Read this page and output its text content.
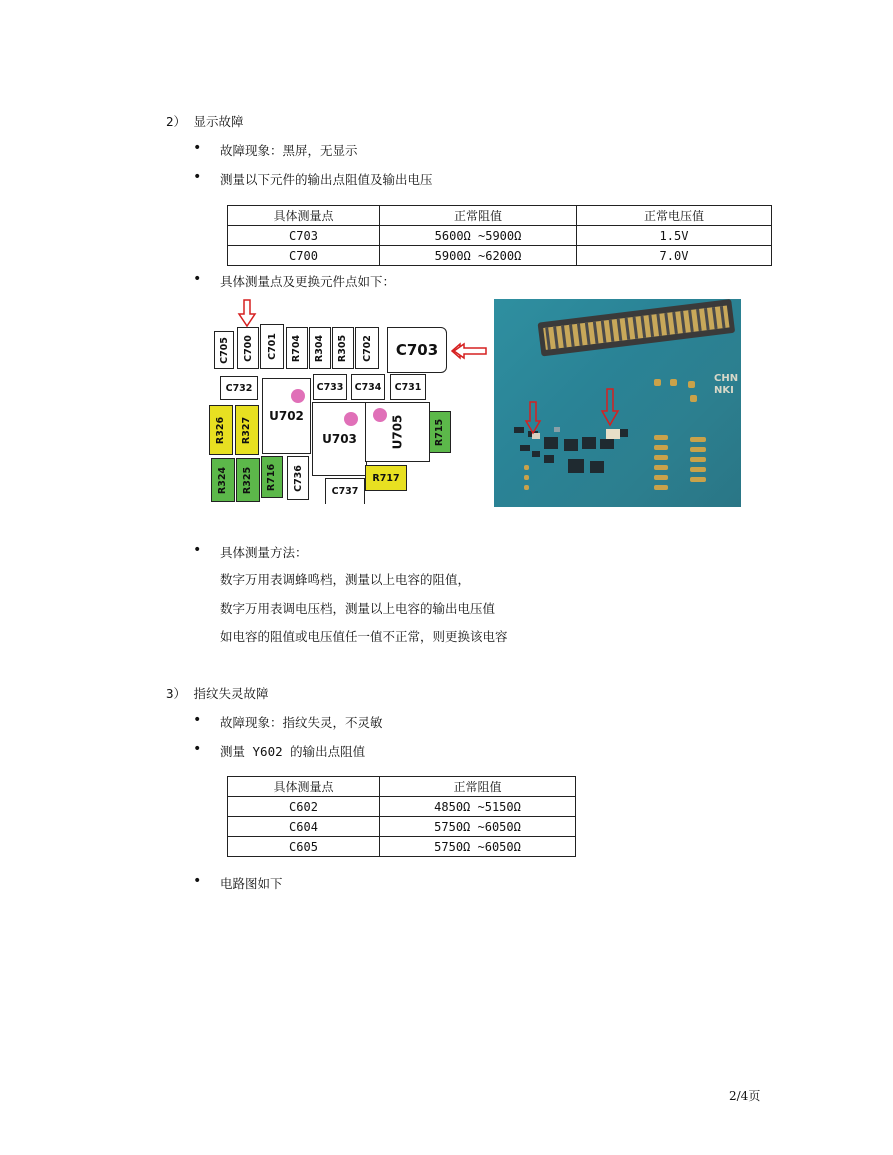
2） 显示故障
• 故障现象：黑屏，无显示
• 测量以下元件的输出点阻值及输出电压
具体测量点	正常阻值	正常电压值
C703	5600Ω ~5900Ω	1.5V
C700	5900Ω ~6200Ω	7.0V
• 具体测量点及更换元件点如下：
C705 C700 C701 R704 R304 R305 C702	C703
C732	C733	C734	C731
R326 R327
U702
U703	U705	R715
R324 R325 R716 C736	R717
C737
CHN
NKI
• 具体测量方法：
数字万用表调蜂鸣档，测量以上电容的阻值，
数字万用表调电压档，测量以上电容的输出电压值
如电容的阻值或电压值任一值不正常，则更换该电容
3） 指纹失灵故障
• 故障现象：指纹失灵，不灵敏
• 测量 Y602 的输出点阻值
具体测量点	正常阻值
C602	4850Ω ~5150Ω
C604	5750Ω ~6050Ω
C605	5750Ω ~6050Ω
• 电路图如下
2/4页
